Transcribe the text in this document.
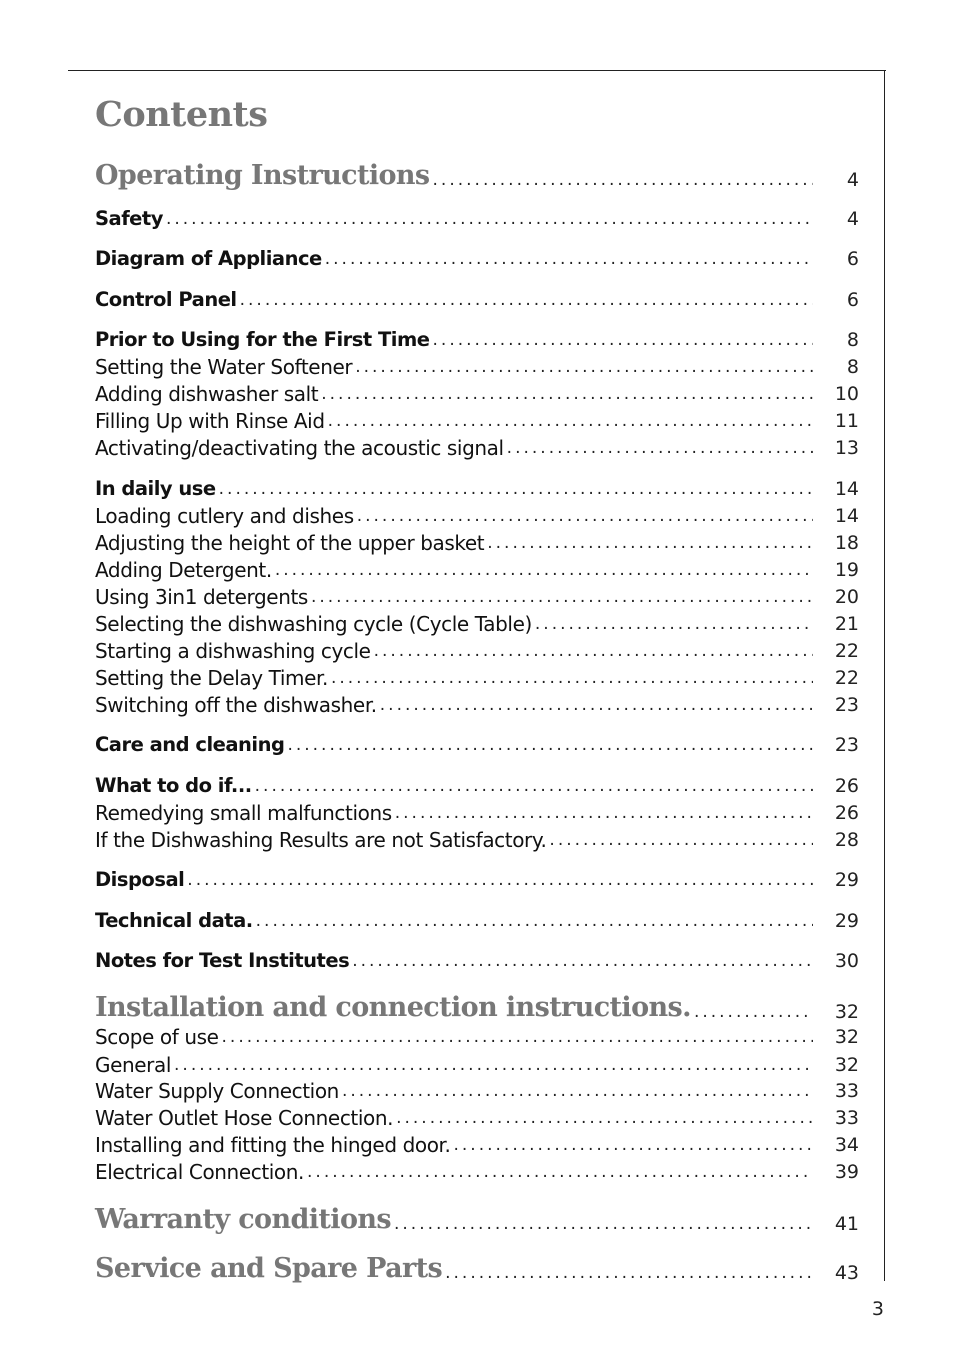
Contents
Operating Instructions .....	4
Safety .....	4
Diagram of Appliance .....	6
Control Panel .....	6
Prior to Using for the First Time .....	8
Setting the Water Softener .....	8
Adding dishwasher salt .....	10
Filling Up with Rinse Aid .....	11
Activating/deactivating the acoustic signal .....	13
In daily use .....	14
Loading cutlery and dishes .....	14
Adjusting the height of the upper basket .....	18
Adding Detergent. .....	19
Using 3in1 detergents .....	20
Selecting the dishwashing cycle (Cycle Table) .....	21
Starting a dishwashing cycle .....	22
Setting the Delay Timer. .....	22
Switching off the dishwasher. .....	23
Care and cleaning .....	23
What to do if... .....	26
Remedying small malfunctions .....	26
If the Dishwashing Results are not Satisfactory. .....	28
Disposal .....	29
Technical data. .....	29
Notes for Test Institutes .....	30
Installation and connection instructions. .....	32
Scope of use .....	32
General .....	32
Water Supply Connection .....	33
Water Outlet Hose Connection. .....	33
Installing and fitting the hinged door. .....	34
Electrical Connection. .....	39
Warranty conditions .....	41
Service and Spare Parts .....	43
3
